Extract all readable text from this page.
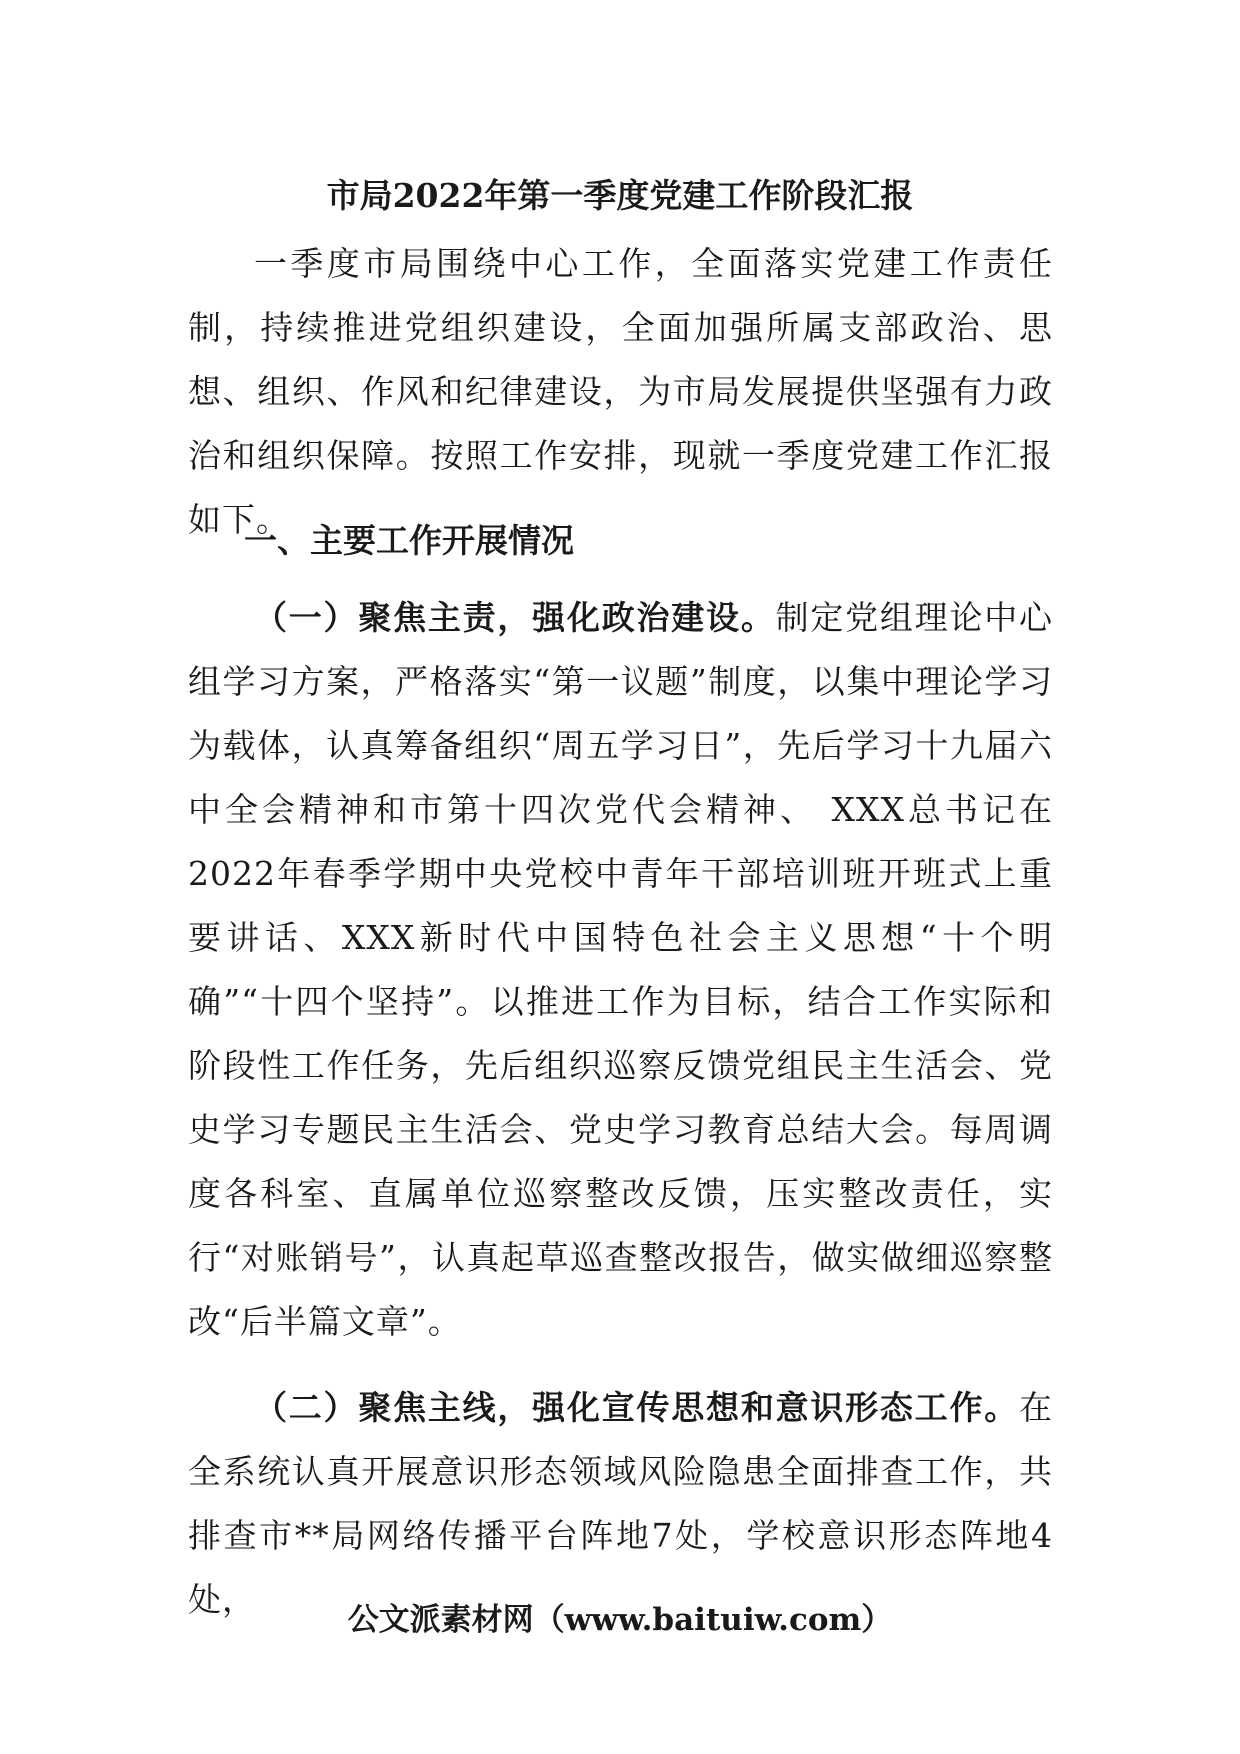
市局2022年第一季度党建工作阶段汇报

一季度市局围绕中心工作，全面落实党建工作责任制，持续推进党组织建设，全面加强所属支部政治、思想、组织、作风和纪律建设，为市局发展提供坚强有力政治和组织保障。按照工作安排，现就一季度党建工作汇报如下。

一、主要工作开展情况

（一）聚焦主责，强化政治建设。制定党组理论中心组学习方案，严格落实“第一议题”制度，以集中理论学习为载体，认真筹备组织“周五学习日”，先后学习十九届六中全会精神和市第十四次党代会精神、 XXX总书记在2022年春季学期中央党校中青年干部培训班开班式上重要讲话、XXX新时代中国特色社会主义思想“十个明确”“十四个坚持”。以推进工作为目标，结合工作实际和阶段性工作任务，先后组织巡察反馈党组民主生活会、党史学习专题民主生活会、党史学习教育总结大会。每周调度各科室、直属单位巡察整改反馈，压实整改责任，实行“对账销号”，认真起草巡查整改报告，做实做细巡察整改“后半篇文章”。

（二）聚焦主线，强化宣传思想和意识形态工作。在全系统认真开展意识形态领域风险隐患全面排查工作，共排查市**局网络传播平台阵地7处，学校意识形态阵地4处，

公文派素材网（www.baituiw.com）
